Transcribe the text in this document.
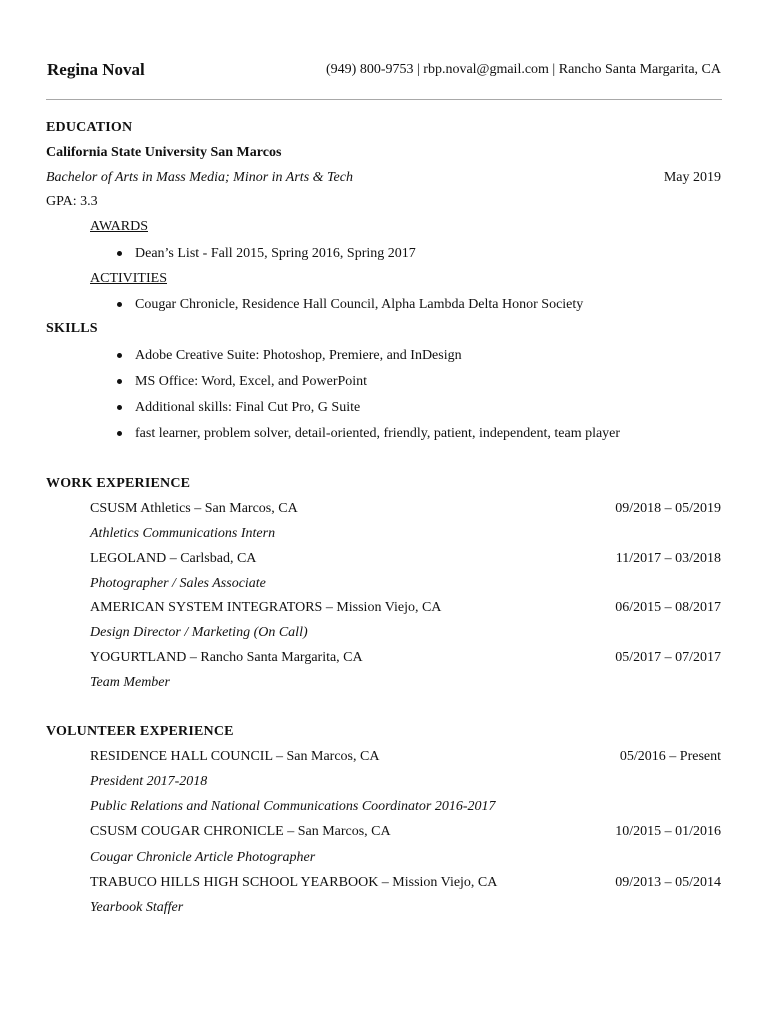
Regina Noval	(949) 800-9753 | rbp.noval@gmail.com | Rancho Santa Margarita, CA
EDUCATION
California State University San Marcos
Bachelor of Arts in Mass Media; Minor in Arts & Tech	May 2019
GPA: 3.3
AWARDS
Dean’s List - Fall 2015, Spring 2016, Spring 2017
ACTIVITIES
Cougar Chronicle, Residence Hall Council, Alpha Lambda Delta Honor Society
SKILLS
Adobe Creative Suite: Photoshop, Premiere, and InDesign
MS Office: Word, Excel, and PowerPoint
Additional skills: Final Cut Pro, G Suite
fast learner, problem solver, detail-oriented, friendly, patient, independent, team player
WORK EXPERIENCE
CSUSM Athletics – San Marcos, CA	09/2018 – 05/2019
Athletics Communications Intern
LEGOLAND – Carlsbad, CA	11/2017 – 03/2018
Photographer / Sales Associate
AMERICAN SYSTEM INTEGRATORS – Mission Viejo, CA	06/2015 – 08/2017
Design Director / Marketing (On Call)
YOGURTLAND – Rancho Santa Margarita, CA	05/2017 – 07/2017
Team Member
VOLUNTEER EXPERIENCE
RESIDENCE HALL COUNCIL – San Marcos, CA	05/2016 – Present
President 2017-2018
Public Relations and National Communications Coordinator 2016-2017
CSUSM COUGAR CHRONICLE – San Marcos, CA	10/2015 – 01/2016
Cougar Chronicle Article Photographer
TRABUCO HILLS HIGH SCHOOL YEARBOOK – Mission Viejo, CA	09/2013 – 05/2014
Yearbook Staffer
